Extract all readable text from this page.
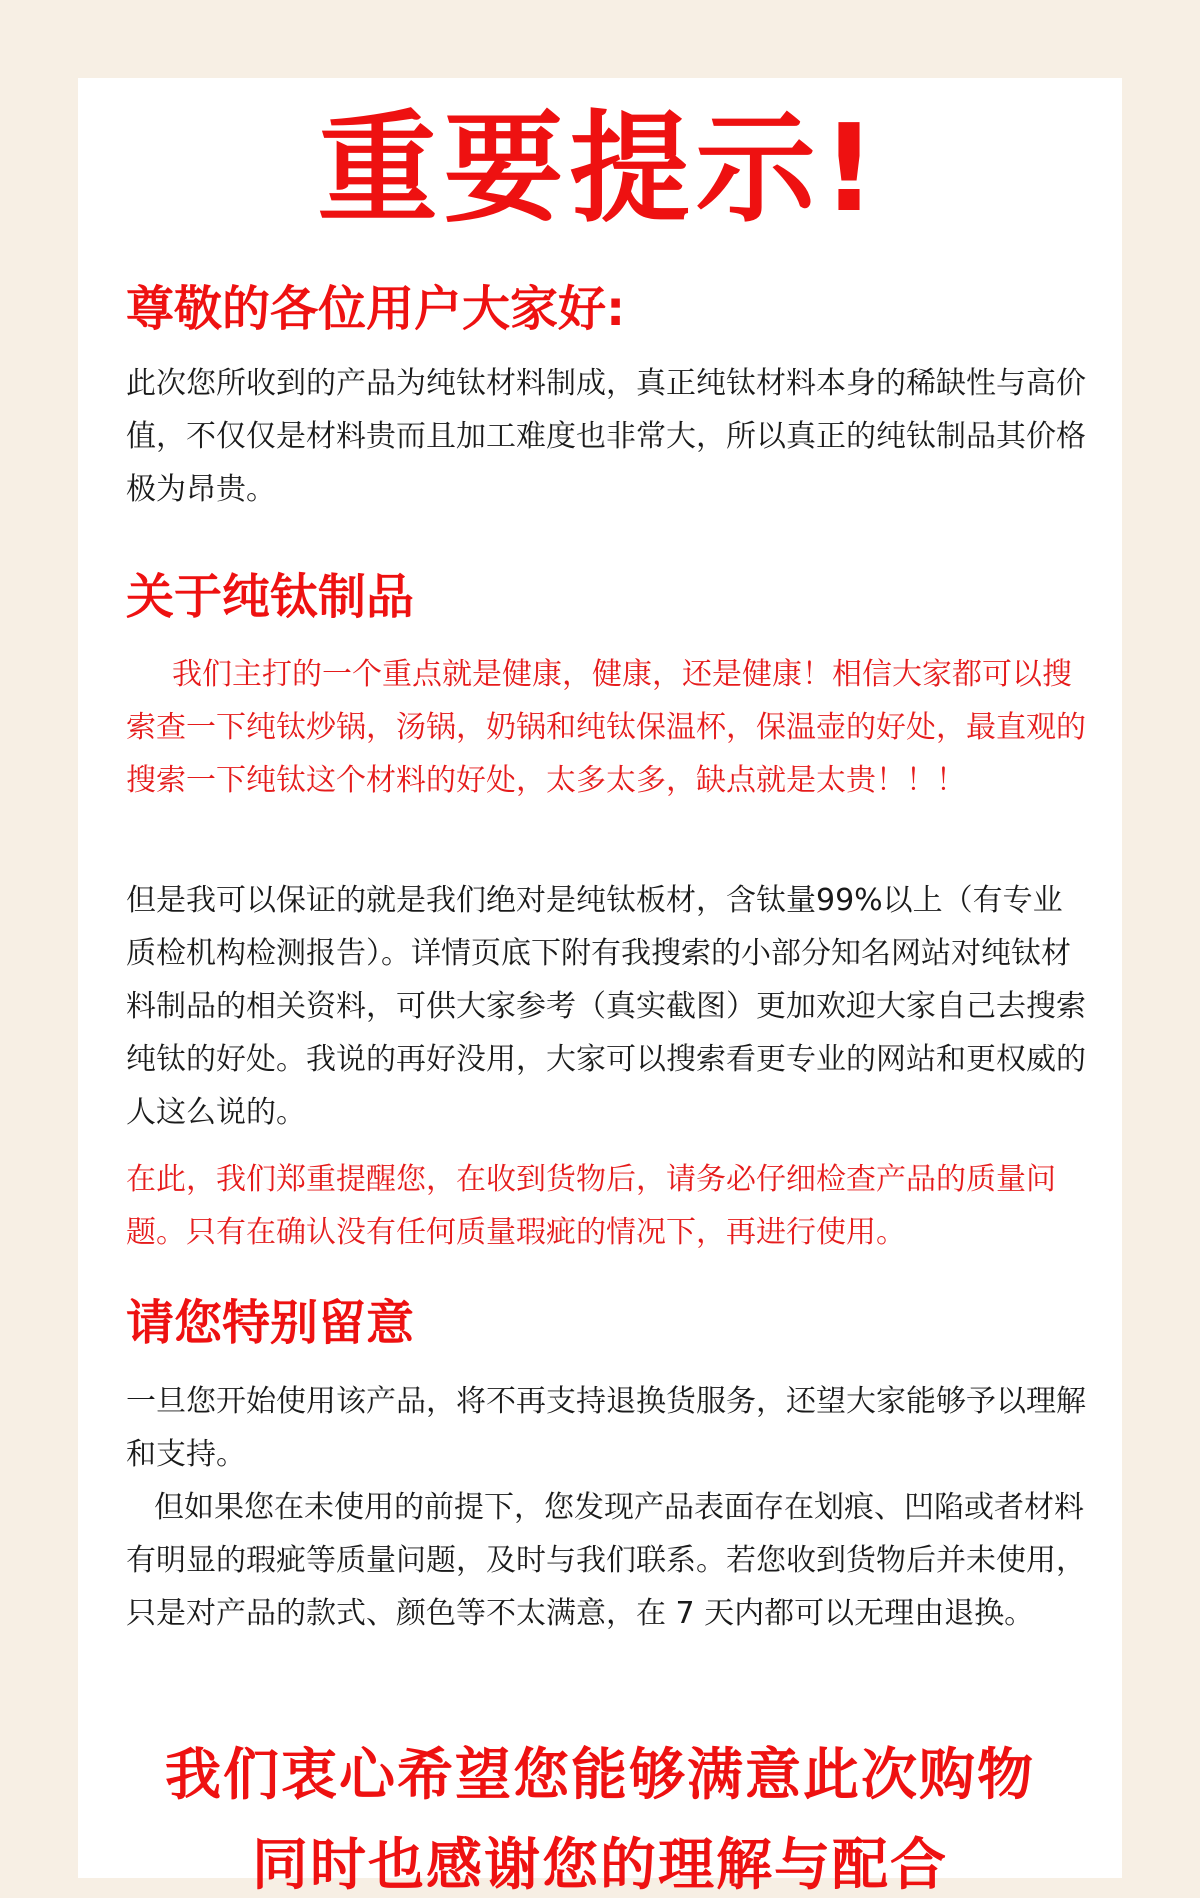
重要提示!
尊敬的各位用户大家好:

此次您所收到的产品为纯钛材料制成，真正纯钛材料本身的稀缺性与高价值，不仅仅是材料贵而且加工难度也非常大，所以真正的纯钛制品其价格极为昂贵。

关于纯钛制品

我们主打的一个重点就是健康，健康，还是健康！相信大家都可以搜索查一下纯钛炒锅，汤锅，奶锅和纯钛保温杯，保温壶的好处，最直观的搜索一下纯钛这个材料的好处，太多太多，缺点就是太贵！！！

但是我可以保证的就是我们绝对是纯钛板材，含钛量99%以上（有专业质检机构检测报告）。详情页底下附有我搜索的小部分知名网站对纯钛材料制品的相关资料，可供大家参考（真实截图）更加欢迎大家自己去搜索纯钛的好处。我说的再好没用，大家可以搜索看更专业的网站和更权威的人这么说的。

在此，我们郑重提醒您，在收到货物后，请务必仔细检查产品的质量问题。只有在确认没有任何质量瑕疵的情况下，再进行使用。

请您特别留意

一旦您开始使用该产品，将不再支持退换货服务，还望大家能够予以理解和支持。

但如果您在未使用的前提下，您发现产品表面存在划痕、凹陷或者材料有明显的瑕疵等质量问题，及时与我们联系。若您收到货物后并未使用，只是对产品的款式、颜色等不太满意，在 7 天内都可以无理由退换。

我们衷心希望您能够满意此次购物

同时也感谢您的理解与配合
